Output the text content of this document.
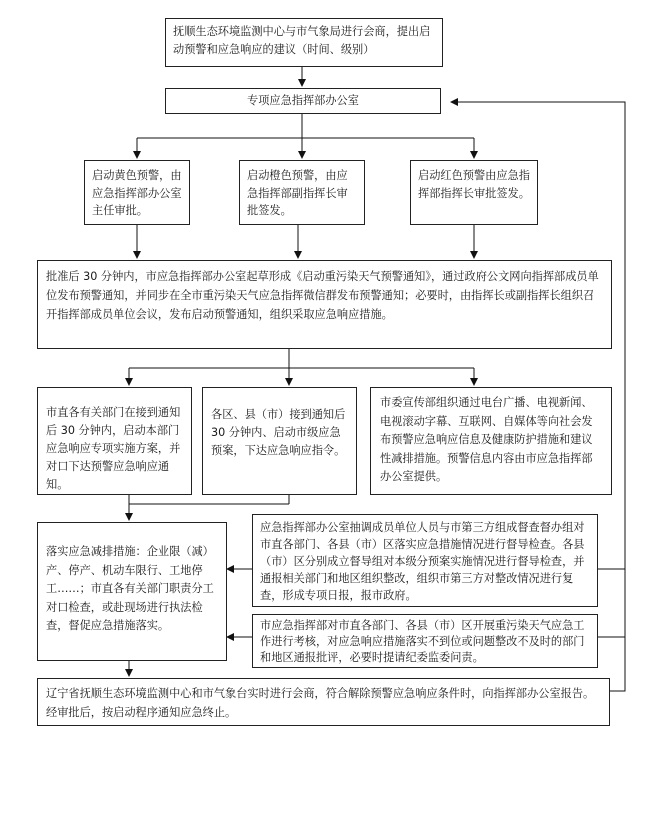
抚顺生态环境监测中心与市气象局进行会商，提出启动预警和应急响应的建议（时间、级别）
专项应急指挥部办公室
启动黄色预警，由应急指挥部办公室主任审批。
启动橙色预警，由应急指挥部副指挥长审批签发。
启动红色预警由应急指挥部指挥长审批签发。
批准后 30 分钟内，市应急指挥部办公室起草形成《启动重污染天气预警通知》，通过政府公文网向指挥部成员单位发布预警通知，并同步在全市重污染天气应急指挥微信群发布预警通知；必要时，由指挥长或副指挥长组织召开指挥部成员单位会议，发布启动预警通知，组织采取应急响应措施。
市直各有关部门在接到通知后 30 分钟内，启动本部门应急响应专项实施方案，并对口下达预警应急响应通知。
各区、县（市）接到通知后 30 分钟内、启动市级应急预案，下达应急响应指令。
市委宣传部组织通过电台广播、电视新闻、电视滚动字幕、互联网、自媒体等向社会发布预警应急响应信息及健康防护措施和建议性减排措施。预警信息内容由市应急指挥部办公室提供。
落实应急减排措施：企业限（减）产、停产、机动车限行、工地停工……；市直各有关部门职责分工对口检查，或赴现场进行执法检查，督促应急措施落实。
应急指挥部办公室抽调成员单位人员与市第三方组成督查督办组对市直各部门、各县（市）区落实应急措施情况进行督导检查。各县（市）区分别成立督导组对本级分预案实施情况进行督导检查，并通报相关部门和地区组织整改，组织市第三方对整改情况进行复查，形成专项日报，报市政府。
市应急指挥部对市直各部门、各县（市）区开展重污染天气应急工作进行考核，对应急响应措施落实不到位或问题整改不及时的部门和地区通报批评，必要时提请纪委监委问责。
辽宁省抚顺生态环境监测中心和市气象台实时进行会商，符合解除预警应急响应条件时，向指挥部办公室报告。经审批后，按启动程序通知应急终止。
